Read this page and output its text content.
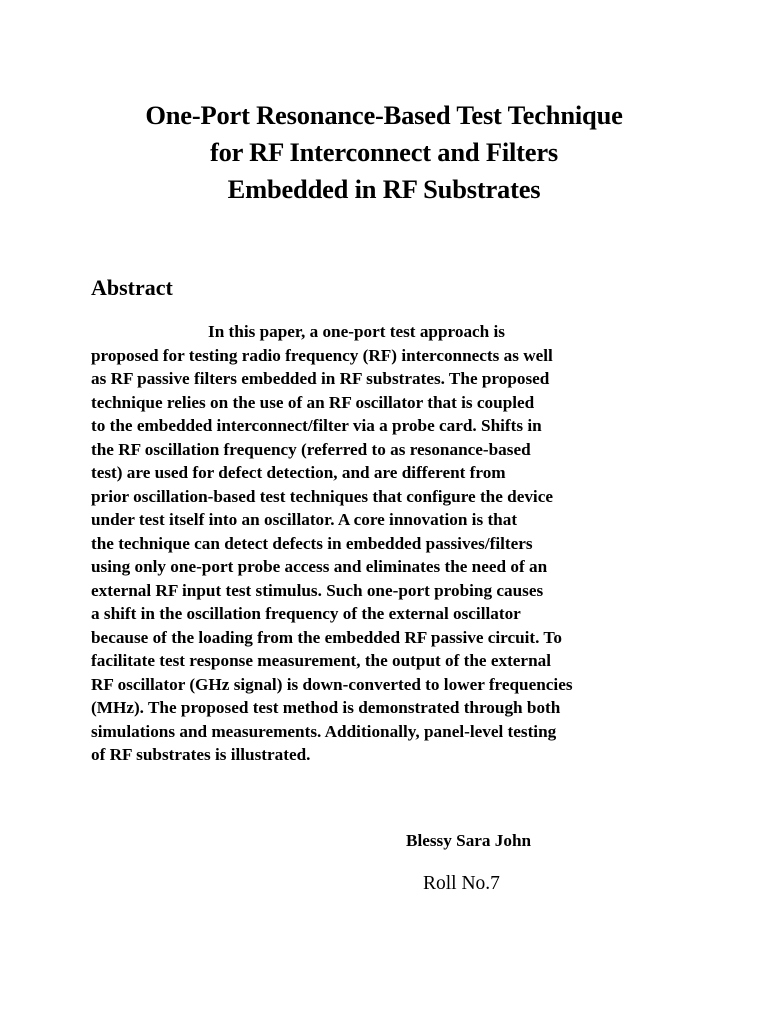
One-Port Resonance-Based Test Technique
for RF Interconnect and Filters
Embedded in RF Substrates
Abstract
In this paper, a one-port test approach is
proposed for testing radio frequency (RF) interconnects as well
as RF passive filters embedded in RF substrates. The proposed
technique relies on the use of an RF oscillator that is coupled
to the embedded interconnect/filter via a probe card. Shifts in
the RF oscillation frequency (referred to as resonance-based
test) are used for defect detection, and are different from
prior oscillation-based test techniques that configure the device
under test itself into an oscillator. A core innovation is that
the technique can detect defects in embedded passives/filters
using only one-port probe access and eliminates the need of an
external RF input test stimulus. Such one-port probing causes
a shift in the oscillation frequency of the external oscillator
because of the loading from the embedded RF passive circuit. To
facilitate test response measurement, the output of the external
RF oscillator (GHz signal) is down-converted to lower frequencies
(MHz). The proposed test method is demonstrated through both
simulations and measurements. Additionally, panel-level testing
of RF substrates is illustrated.
Blessy Sara John
Roll No.7
